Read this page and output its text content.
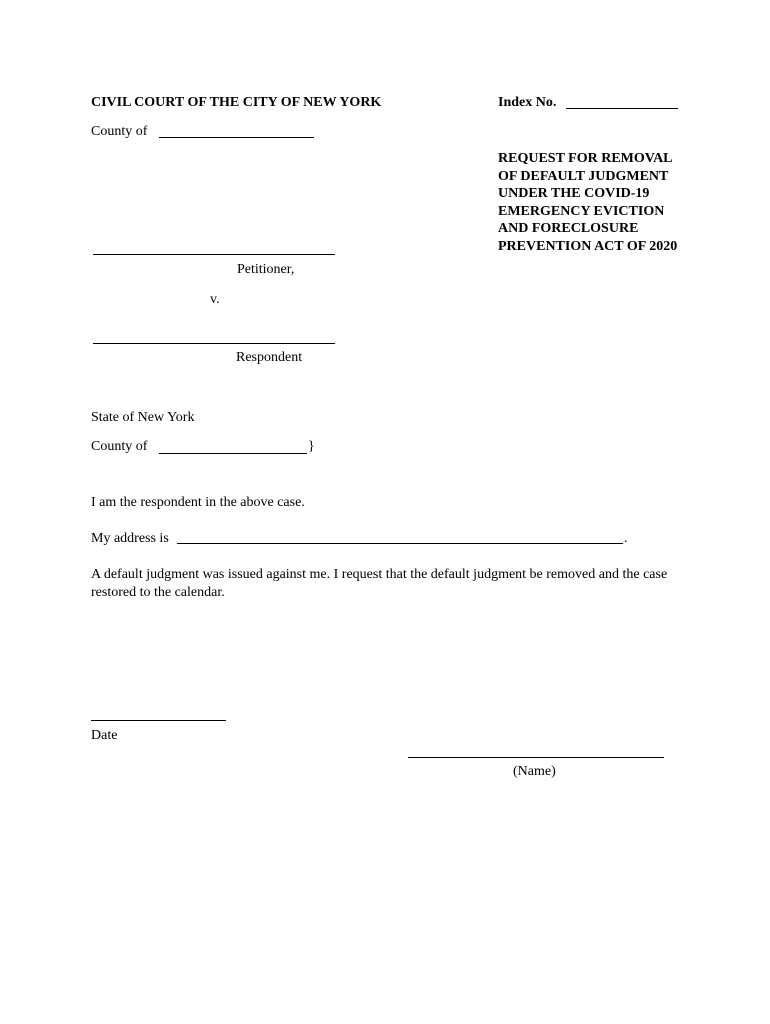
CIVIL COURT OF THE CITY OF NEW YORK	Index No.
County of
REQUEST FOR REMOVAL
OF DEFAULT JUDGMENT
UNDER THE COVID-19
EMERGENCY EVICTION
AND FORECLOSURE
PREVENTION ACT OF 2020
Petitioner,
v.
Respondent
State of New York
County of	}
I am the respondent in the above case.
My address is	.
A default judgment was issued against me. I request that the default judgment be removed and the case restored to the calendar.
Date
(Name)
